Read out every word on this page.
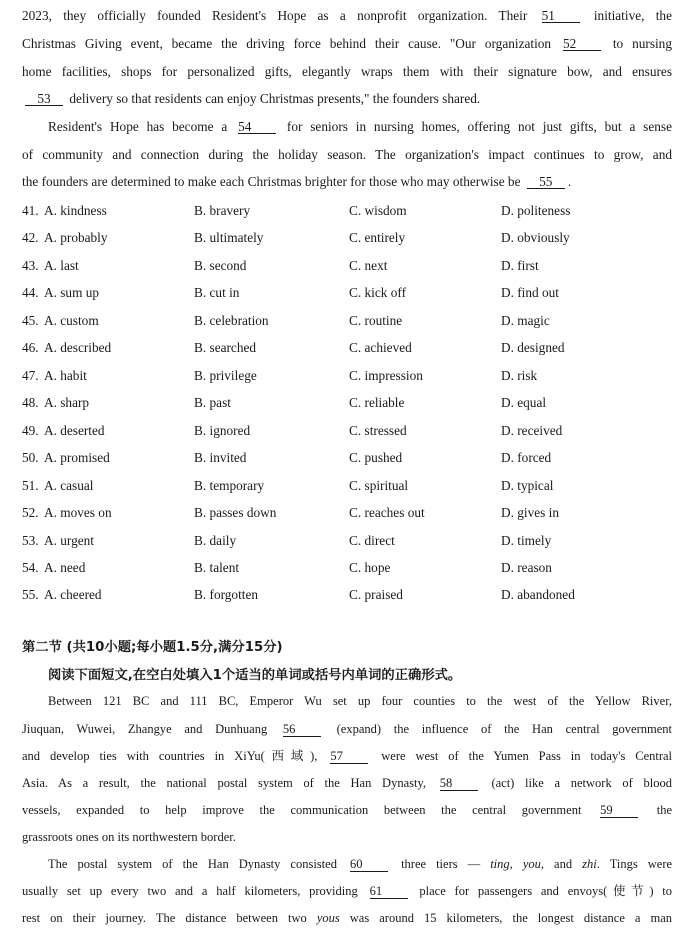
2023, they officially founded Resident's Hope as a nonprofit organization. Their 51	initiative, the
Christmas Giving event, became the driving force behind their cause. "Our organization 52	to nursing
home facilities, shops for personalized gifts, elegantly wraps them with their signature bow, and ensures
53 delivery so that residents can enjoy Christmas presents," the founders shared.
Resident's Hope has become a 54	for seniors in nursing homes, offering not just gifts, but a sense
of community and connection during the holiday season. The organization's impact continues to grow, and
the founders are determined to make each Christmas brighter for those who may otherwise be 55 .
41. A. kindness	B. bravery	C. wisdom	D. politeness
42. A. probably	B. ultimately	C. entirely	D. obviously
43. A. last	B. second	C. next	D. first
44. A. sum up	B. cut in	C. kick off	D. find out
45. A. custom	B. celebration	C. routine	D. magic
46. A. described	B. searched	C. achieved	D. designed
47. A. habit	B. privilege	C. impression	D. risk
48. A. sharp	B. past	C. reliable	D. equal
49. A. deserted	B. ignored	C. stressed	D. received
50. A. promised	B. invited	C. pushed	D. forced
51. A. casual	B. temporary	C. spiritual	D. typical
52. A. moves on	B. passes down	C. reaches out	D. gives in
53. A. urgent	B. daily	C. direct	D. timely
54. A. need	B. talent	C. hope	D. reason
55. A. cheered	B. forgotten	C. praised	D. abandoned
第二节 (共10小题;每小题1.5分,满分15分)
阅读下面短文,在空白处填入1个适当的单词或括号内单词的正确形式。
Between 121 BC and 111 BC, Emperor Wu set up four counties to the west of the Yellow River,
Jiuquan, Wuwei, Zhangye and Dunhuang 56	(expand) the influence of the Han central government
and develop ties with countries in XiYu(西域), 57	were west of the Yumen Pass in today's Central
Asia. As a result, the national postal system of the Han Dynasty, 58	(act) like a network of blood
vessels, expanded to help improve the communication between the central government 59	the
grassroots ones on its northwestern border.
The postal system of the Han Dynasty consisted 60	three tiers — ting, you, and zhi. Tings were
usually set up every two and a half kilometers, providing 61	place for passengers and envoys(使节) to
rest on their journey. The distance between two yous was around 15 kilometers, the longest distance a man
